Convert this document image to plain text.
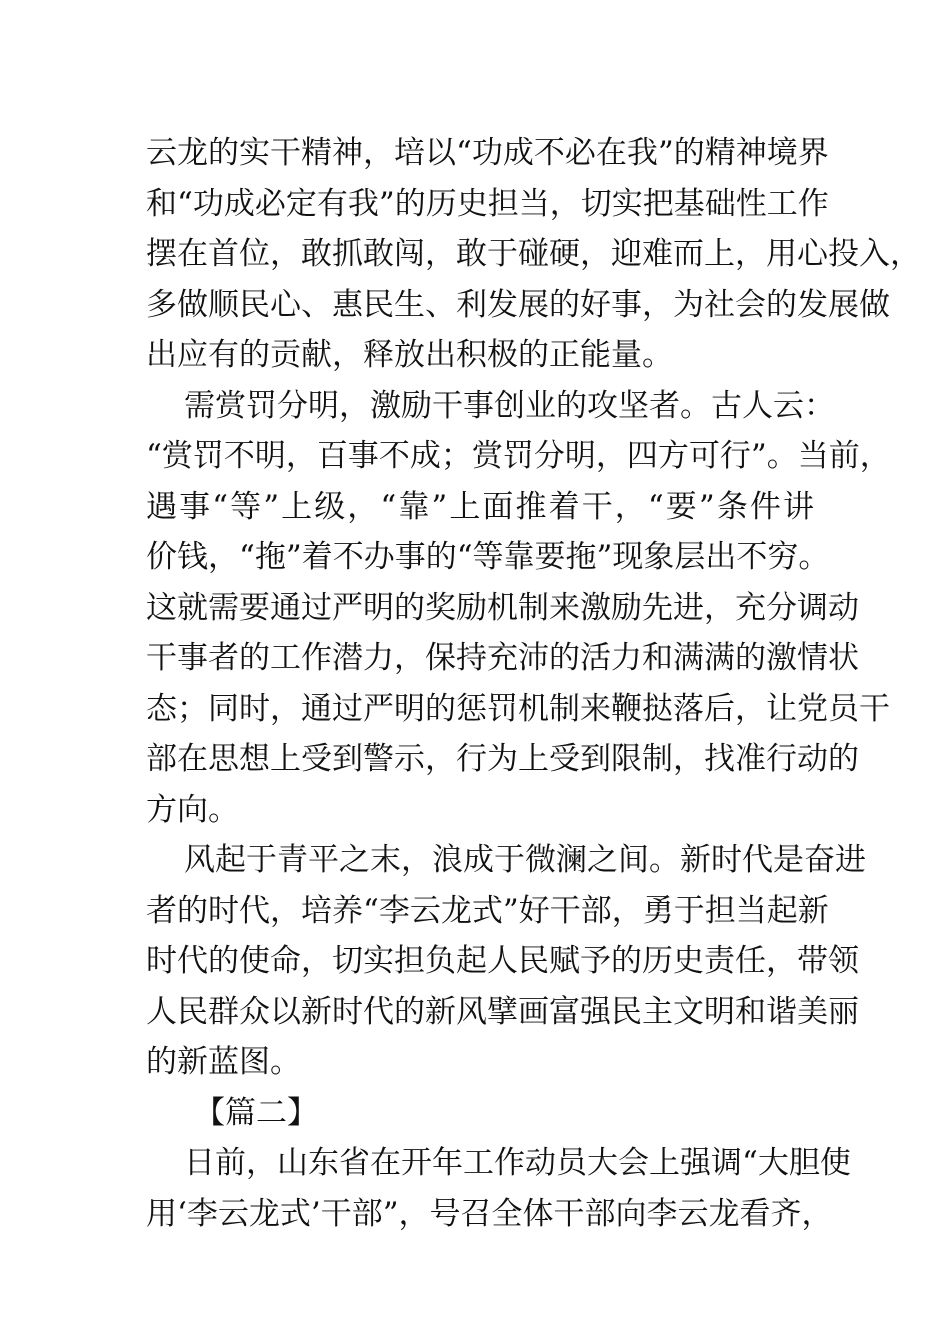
云龙的实干精神，培以“功成不必在我”的精神境界
和“功成必定有我”的历史担当，切实把基础性工作
摆在首位，敢抓敢闯，敢于碰硬，迎难而上，用心投入，
多做顺民心、惠民生、利发展的好事，为社会的发展做
出应有的贡献，释放出积极的正能量。
需赏罚分明，激励干事创业的攻坚者。古人云：
“赏罚不明，百事不成；赏罚分明，四方可行”。当前，
遇事“等”上级，“靠”上面推着干，“要”条件讲
价钱，“拖”着不办事的“等靠要拖”现象层出不穷。
这就需要通过严明的奖励机制来激励先进，充分调动
干事者的工作潜力，保持充沛的活力和满满的激情状
态；同时，通过严明的惩罚机制来鞭挞落后，让党员干
部在思想上受到警示，行为上受到限制，找准行动的
方向。
风起于青平之末，浪成于微澜之间。新时代是奋进
者的时代，培养“李云龙式”好干部，勇于担当起新
时代的使命，切实担负起人民赋予的历史责任，带领
人民群众以新时代的新风擘画富强民主文明和谐美丽
的新蓝图。
【篇二】
日前，山东省在开年工作动员大会上强调“大胆使
用‘李云龙式’干部”，号召全体干部向李云龙看齐，
